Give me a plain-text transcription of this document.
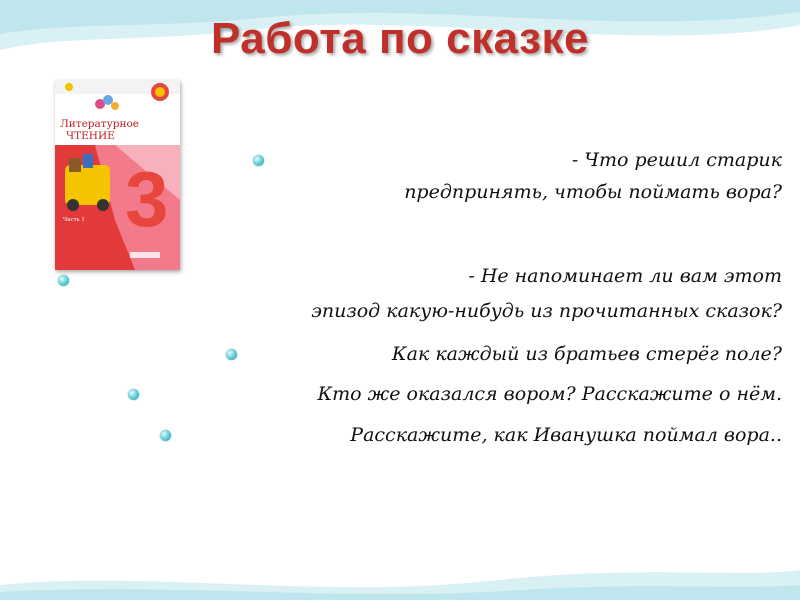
Работа по сказке
Литературное
ЧТЕНИЕ
3
Часть 1
- Что решил старик
предпринять, чтобы поймать вора?
- Не напоминает ли вам этот
эпизод какую-нибудь из прочитанных сказок?
Как каждый из братьев стерёг поле?
Кто же оказался вором? Расскажите о нём.
Расскажите, как Иванушка поймал вора..
